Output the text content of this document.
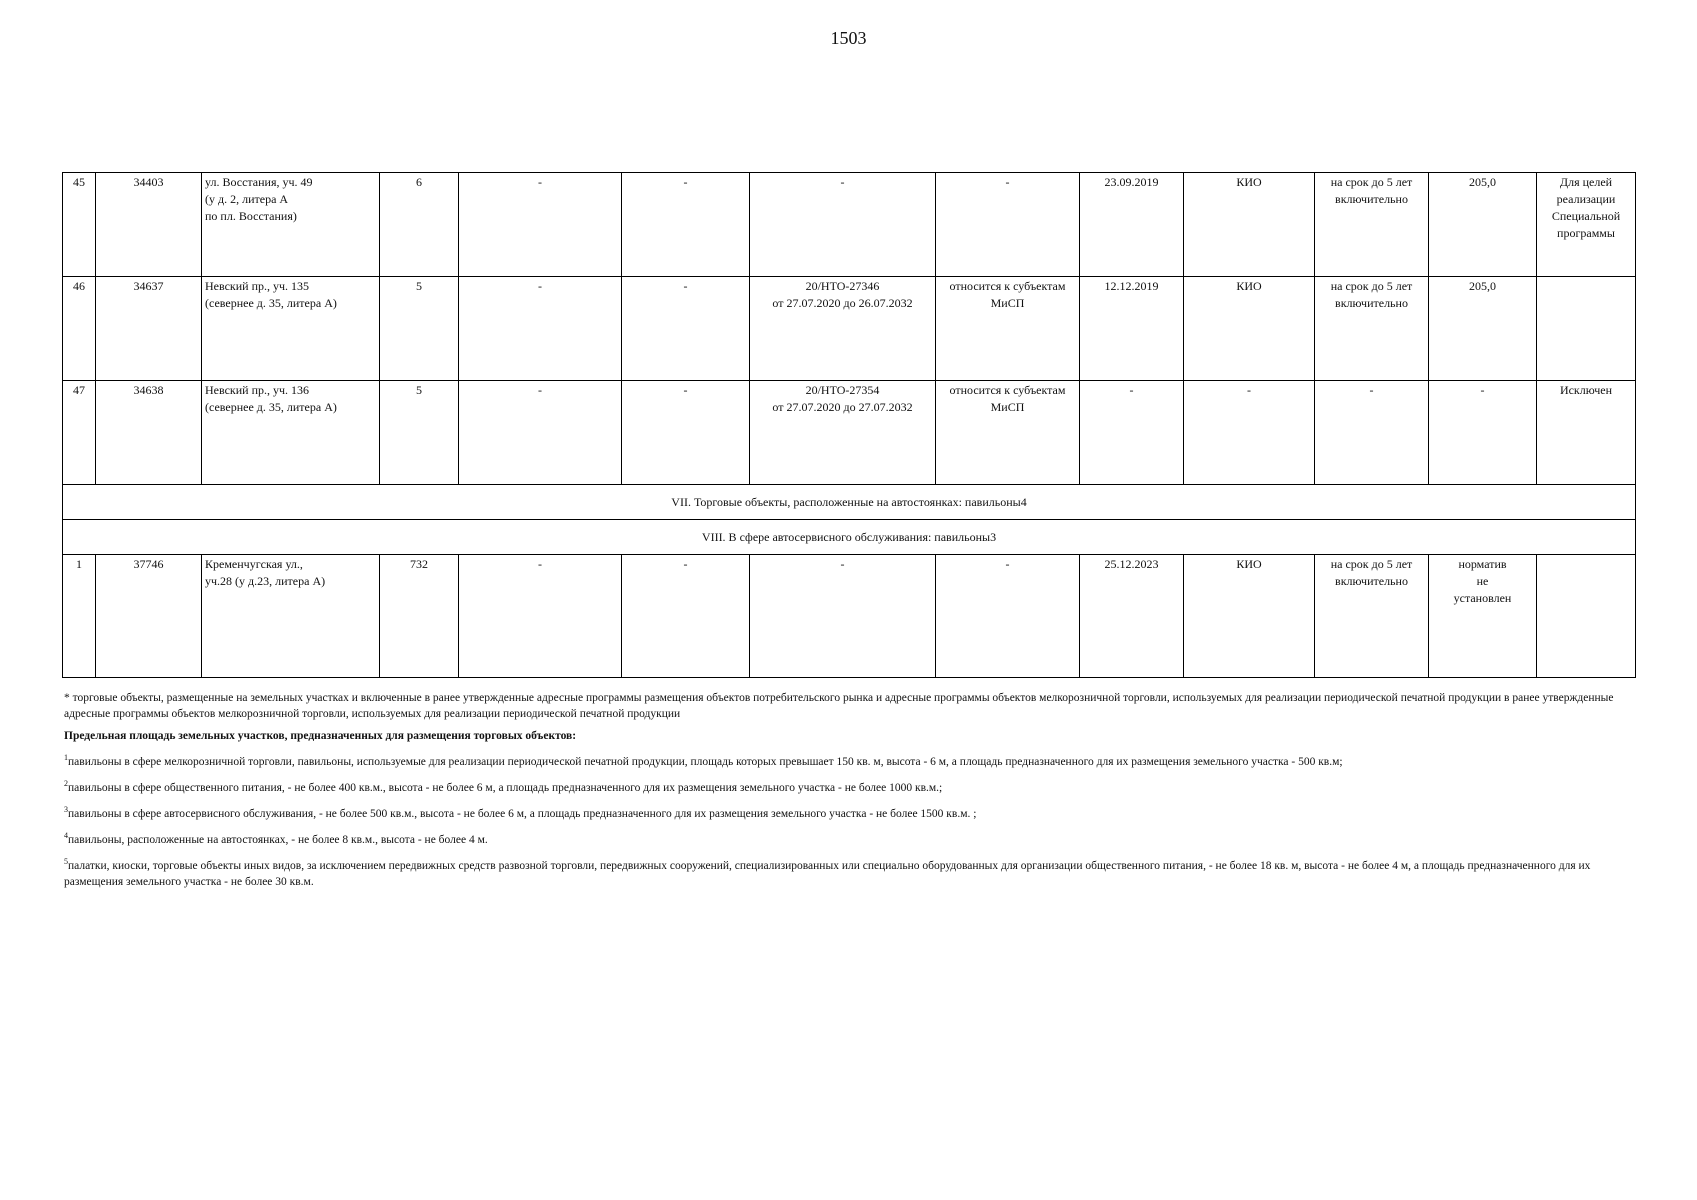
1503
45	34403	ул. Восстания, уч. 49
(у д. 2, литера А
по пл. Восстания)	6	-	-	-	-	23.09.2019	КИО	на срок до 5 лет
включительно	205,0	Для целей
реализации
Специальной
программы
46	34637	Невский пр., уч. 135
(севернее д. 35, литера А)	5	-	-	20/НТО-27346
от 27.07.2020 до 26.07.2032	относится к субъектам
МиСП	12.12.2019	КИО	на срок до 5 лет
включительно	205,0	
47	34638	Невский пр., уч. 136
(севернее д. 35, литера А)	5	-	-	20/НТО-27354
от 27.07.2020 до 27.07.2032	относится к субъектам
МиСП	-	-	-	-	Исключен
VII. Торговые объекты, расположенные на автостоянках: павильоны4												
VIII. В сфере автосервисного обслуживания: павильоны3												
1	37746	Кременчугская ул.,
уч.28 (у д.23, литера А)	732	-	-	-	-	25.12.2023	КИО	на срок до 5 лет
включительно	норматив
не
установлен	

* торговые объекты, размещенные на земельных участках и включенные в ранее утвержденные адресные программы размещения объектов потребительского рынка и адресные программы объектов мелкорозничной торговли, используемых для реализации периодической печатной продукции в ранее утвержденные адресные программы объектов мелкорозничной торговли, используемых для реализации периодической печатной продукции

Предельная площадь земельных участков, предназначенных для размещения торговых объектов:

$^1$павильоны в сфере мелкорозничной торговли, павильоны, используемые для реализации периодической печатной продукции, площадь которых превышает 150 кв. м, высота - 6 м, а площадь предназначенного для их размещения земельного участка - 500 кв.м;

$^2$павильоны в сфере общественного питания, - не более 400 кв.м., высота - не более 6 м, а площадь предназначенного для их размещения земельного участка - не более 1000 кв.м.;

$^3$павильоны в сфере автосервисного обслуживания, - не более 500 кв.м., высота - не более 6 м, а площадь предназначенного для их размещения земельного участка - не более 1500 кв.м. ;

$^4$павильоны, расположенные на автостоянках, - не более 8 кв.м., высота - не более 4 м.

$^5$палатки, киоски, торговые объекты иных видов, за исключением передвижных средств развозной торговли, передвижных сооружений, специализированных или специально оборудованных для организации общественного питания, - не более 18 кв. м, высота - не более 4 м, а площадь предназначенного для их размещения земельного участка - не более 30 кв.м.
